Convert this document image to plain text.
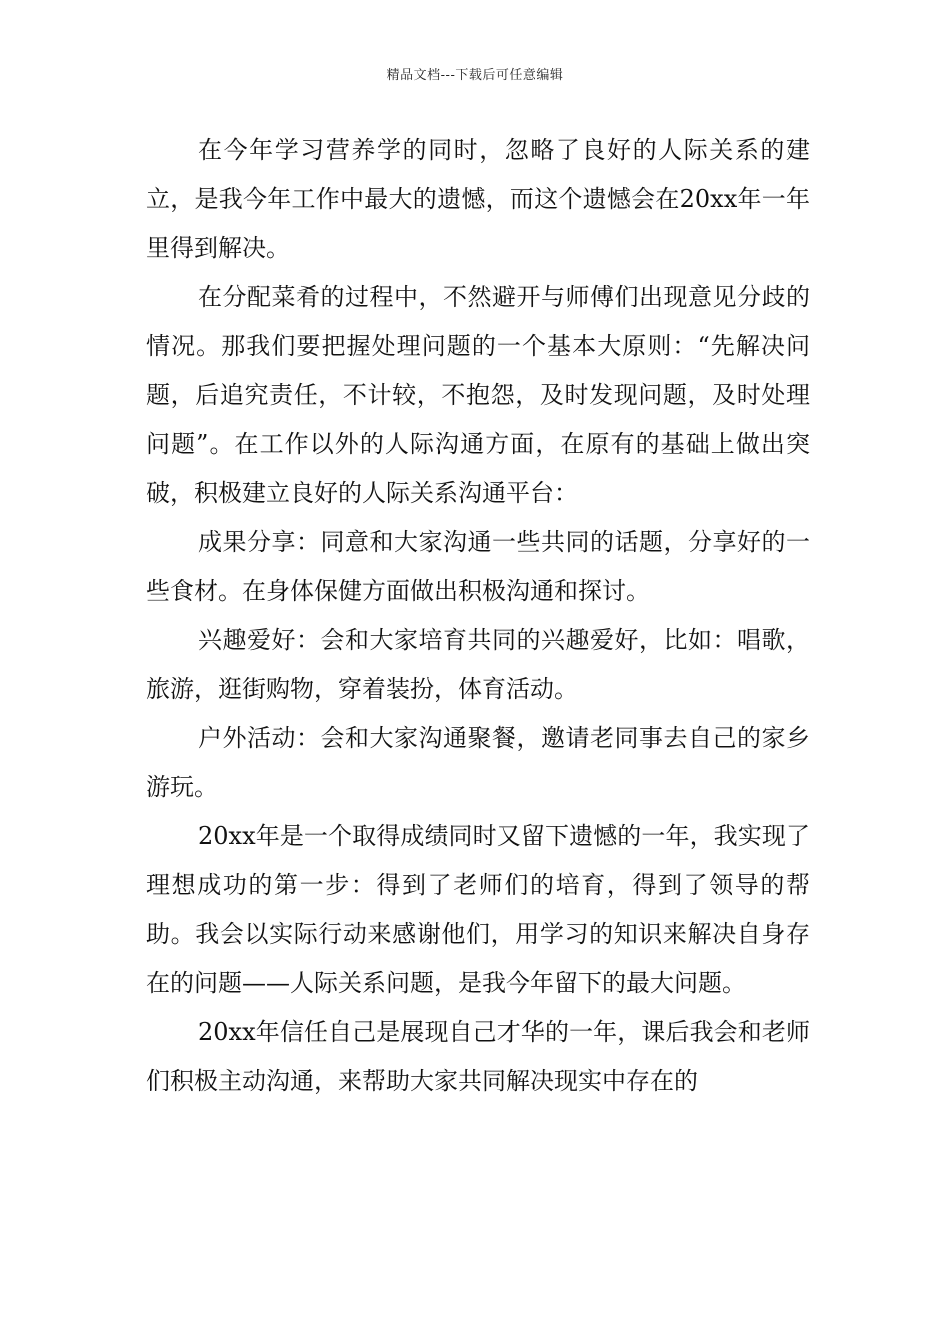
精品文档---下载后可任意编辑

在今年学习营养学的同时，忽略了良好的人际关系的建立，是我今年工作中最大的遗憾，而这个遗憾会在20xx年一年里得到解决。

在分配菜肴的过程中，不然避开与师傅们出现意见分歧的情况。那我们要把握处理问题的一个基本大原则：“先解决问题，后追究责任，不计较，不抱怨，及时发现问题，及时处理问题”。在工作以外的人际沟通方面，在原有的基础上做出突破，积极建立良好的人际关系沟通平台：

成果分享：同意和大家沟通一些共同的话题，分享好的一些食材。在身体保健方面做出积极沟通和探讨。

兴趣爱好：会和大家培育共同的兴趣爱好，比如：唱歌，旅游，逛街购物，穿着装扮，体育活动。

户外活动：会和大家沟通聚餐，邀请老同事去自己的家乡游玩。

20xx年是一个取得成绩同时又留下遗憾的一年，我实现了理想成功的第一步：得到了老师们的培育，得到了领导的帮助。我会以实际行动来感谢他们，用学习的知识来解决自身存在的问题——人际关系问题，是我今年留下的最大问题。

20xx年信任自己是展现自己才华的一年，课后我会和老师们积极主动沟通，来帮助大家共同解决现实中存在的
